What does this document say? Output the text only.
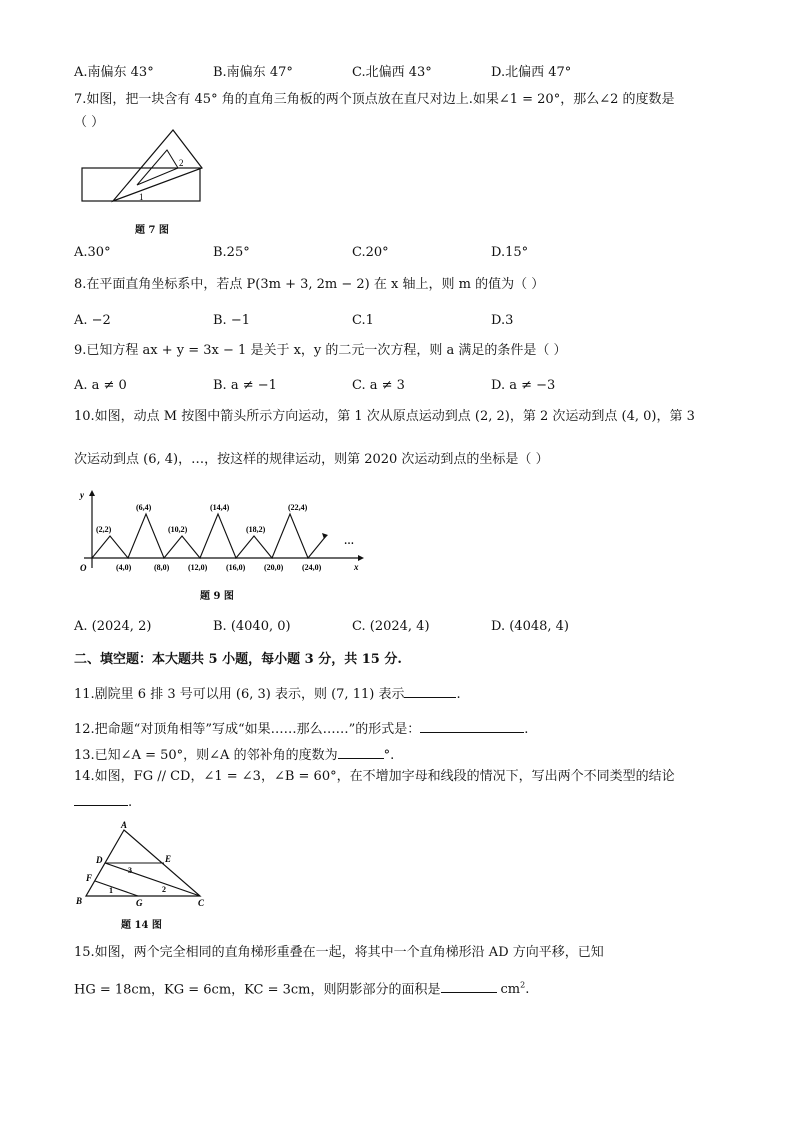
A.南偏东 43°	B.南偏东 47°	C.北偏西 43°	D.北偏西 47°
7.如图，把一块含有 45° 角的直角三角板的两个顶点放在直尺对边上.如果∠1 = 20°，那么∠2 的度数是
（ ）
1
2
题 7 图
A.30°	B.25°	C.20°	D.15°
8.在平面直角坐标系中，若点 P(3m + 3, 2m − 2) 在 x 轴上，则 m 的值为（ ）
A. −2	B. −1	C.1	D.3
9.已知方程 ax + y = 3x − 1 是关于 x，y 的二元一次方程，则 a 满足的条件是（ ）
A. a ≠ 0	B. a ≠ −1	C. a ≠ 3	D. a ≠ −3
10.如图，动点 M 按图中箭头所示方向运动，第 1 次从原点运动到点 (2, 2)，第 2 次运动到点 (4, 0)，第 3
次运动到点 (6, 4)，…，按这样的规律运动，则第 2020 次运动到点的坐标是（ ）
y
x
O
(2,2)
(6,4)
(10,2)
(14,4)
(18,2)
(22,4)
(4,0)	(8,0) (12,0) (16,0) (20,0) (24,0)
…
题 9 图
A. (2024, 2)	B. (4040, 0)	C. (2024, 4)	D. (4048, 4)
二、填空题：本大题共 5 小题，每小题 3 分，共 15 分.
11.剧院里 6 排 3 号可以用 (6, 3) 表示，则 (7, 11) 表示	.
12.把命题“对顶角相等”写成“如果……那么……”的形式是：	.
13.已知∠A = 50°，则∠A 的邻补角的度数为	°.
14.如图，FG // CD，∠1 = ∠3，∠B = 60°，在不增加字母和线段的情况下，写出两个不同类型的结论
.
A
B	C
D	E
F
G
1	2
3
题 14 图
15.如图，两个完全相同的直角梯形重叠在一起，将其中一个直角梯形沿 AD 方向平移，已知
HG = 18cm，KG = 6cm，KC = 3cm，则阴影部分的面积是	$cm^2$.
